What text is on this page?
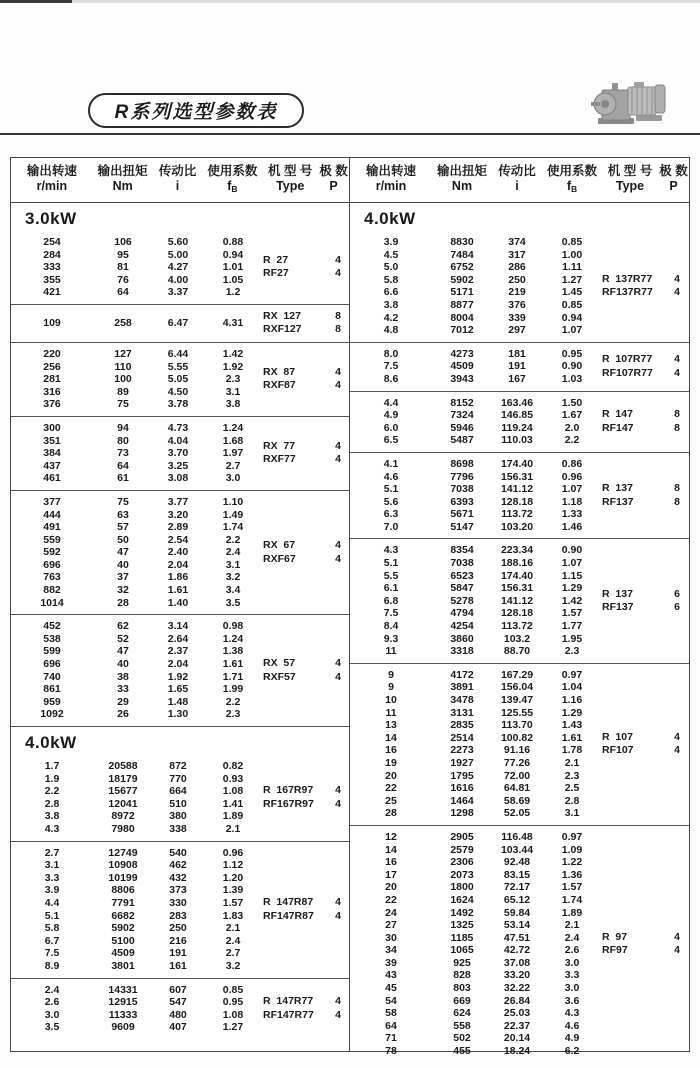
R系列选型参数表
输出转速	输出扭矩 传动比 使用系数 机 型 号 极 数
r/min	Nm	i	$f_B$	Type	P
3.0kW
254	106	5.60	0.88
284	95	5.00	0.94
333	81	4.27	1.01
355	76	4.00	1.05
421	64	3.37	1.2
R  27	4
RF27	4
109	258	6.47	4.31
RX  127	8
RXF127	8
220	127	6.44	1.42
256	110	5.55	1.92
281	100	5.05	2.3
316	89	4.50	3.1
376	75	3.78	3.8
RX  87	4
RXF87	4
300	94	4.73	1.24
351	80	4.04	1.68
384	73	3.70	1.97
437	64	3.25	2.7
461	61	3.08	3.0
RX  77	4
RXF77	4
377	75	3.77	1.10
444	63	3.20	1.49
491	57	2.89	1.74
559	50	2.54	2.2
592	47	2.40	2.4
696	40	2.04	3.1
763	37	1.86	3.2
882	32	1.61	3.4
1014	28	1.40	3.5
RX  67	4
RXF67	4
452	62	3.14	0.98
538	52	2.64	1.24
599	47	2.37	1.38
696	40	2.04	1.61
740	38	1.92	1.71
861	33	1.65	1.99
959	29	1.48	2.2
1092	26	1.30	2.3
RX  57	4
RXF57	4
4.0kW
1.7	20588	872	0.82
1.9	18179	770	0.93
2.2	15677	664	1.08
2.8	12041	510	1.41
3.8	8972	380	1.89
4.3	7980	338	2.1
R  167R97	4
RF167R97	4
2.7	12749	540	0.96
3.1	10908	462	1.12
3.3	10199	432	1.20
3.9	8806	373	1.39
4.4	7791	330	1.57
5.1	6682	283	1.83
5.8	5902	250	2.1
6.7	5100	216	2.4
7.5	4509	191	2.7
8.9	3801	161	3.2
R  147R87	4
RF147R87	4
2.4	14331	607	0.85
2.6	12915	547	0.95
3.0	11333	480	1.08
3.5	9609	407	1.27
R  147R77	4
RF147R77	4
输出转速	输出扭矩 传动比 使用系数 机 型 号 极 数
r/min	Nm	i	$f_B$	Type	P
4.0kW
3.9	8830	374	0.85
4.5	7484	317	1.00
5.0	6752	286	1.11
5.8	5902	250	1.27
6.6	5171	219	1.45
3.8	8877	376	0.85
4.2	8004	339	0.94
4.8	7012	297	1.07
R  137R77	4
RF137R77	4
8.0	4273	181	0.95
7.5	4509	191	0.90
8.6	3943	167	1.03
R  107R77	4
RF107R77	4
4.4	8152	163.46	1.50
4.9	7324	146.85	1.67
6.0	5946	119.24	2.0
6.5	5487	110.03	2.2
R  147	8
RF147	8
4.1	8698	174.40	0.86
4.6	7796	156.31	0.96
5.1	7038	141.12	1.07
5.6	6393	128.18	1.18
6.3	5671	113.72	1.33
7.0	5147	103.20	1.46
R  137	8
RF137	8
4.3	8354	223.34	0.90
5.1	7038	188.16	1.07
5.5	6523	174.40	1.15
6.1	5847	156.31	1.29
6.8	5278	141.12	1.42
7.5	4794	128.18	1.57
8.4	4254	113.72	1.77
9.3	3860	103.2	1.95
11	3318	88.70	2.3
R  137	6
RF137	6
9	4172	167.29	0.97
9	3891	156.04	1.04
10	3478	139.47	1.16
11	3131	125.55	1.29
13	2835	113.70	1.43
14	2514	100.82	1.61
16	2273	91.16	1.78
19	1927	77.26	2.1
20	1795	72.00	2.3
22	1616	64.81	2.5
25	1464	58.69	2.8
28	1298	52.05	3.1
R  107	4
RF107	4
12	2905	116.48	0.97
14	2579	103.44	1.09
16	2306	92.48	1.22
17	2073	83.15	1.36
20	1800	72.17	1.57
22	1624	65.12	1.74
24	1492	59.84	1.89
27	1325	53.14	2.1
30	1185	47.51	2.4
34	1065	42.72	2.6
39	925	37.08	3.0
43	828	33.20	3.3
45	803	32.22	3.0
54	669	26.84	3.6
58	624	25.03	4.3
64	558	22.37	4.6
71	502	20.14	4.9
78	455	18.24	6.2
R  97	4
RF97	4
